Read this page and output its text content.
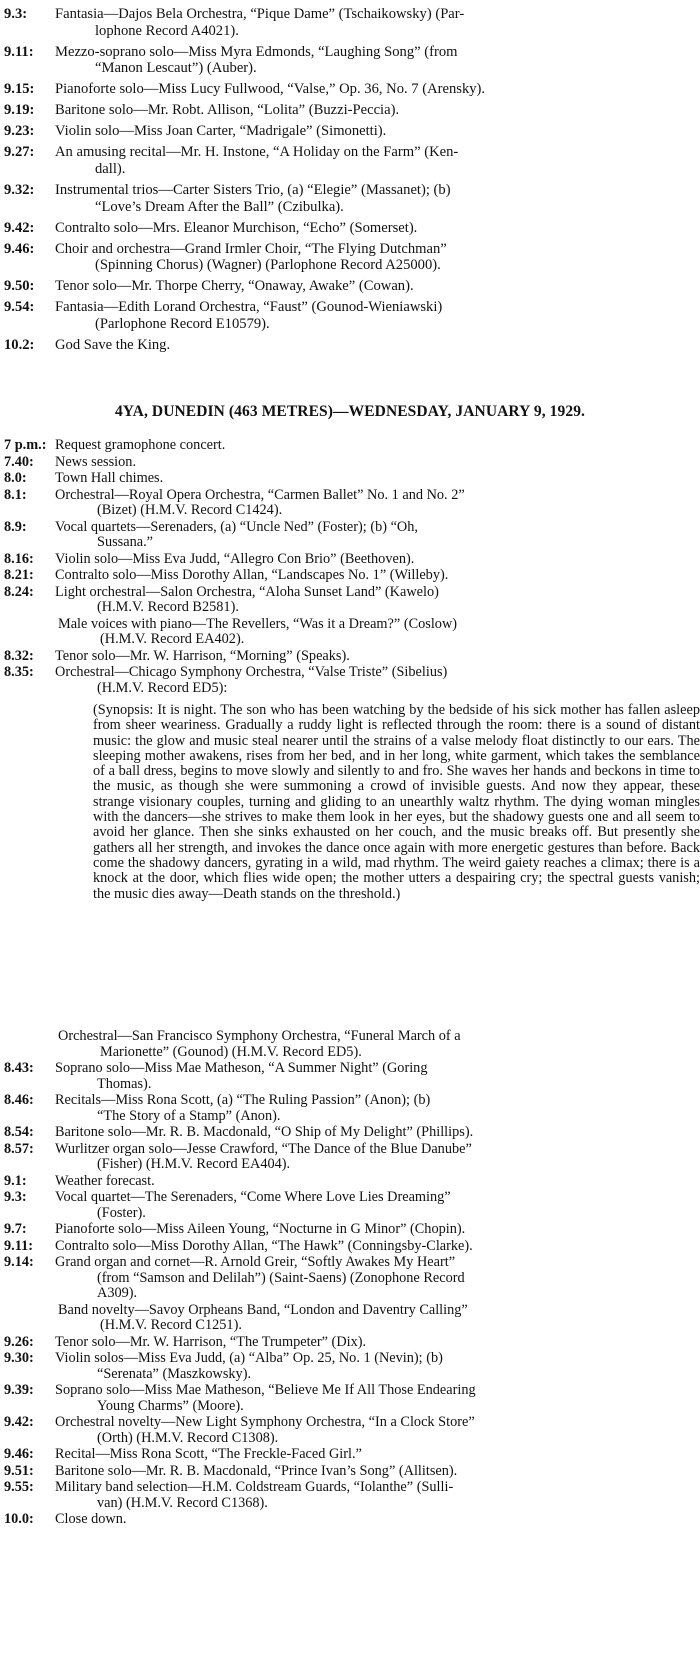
9.3: Fantasia—Dajos Bela Orchestra, “Pique Dame” (Tschaikowsky) (Par-
lophone Record A4021).
9.11: Mezzo-soprano solo—Miss Myra Edmonds, “Laughing Song” (from
“Manon Lescaut”) (Auber).
9.15: Pianoforte solo—Miss Lucy Fullwood, “Valse,” Op. 36, No. 7 (Arensky).
9.19: Baritone solo—Mr. Robt. Allison, “Lolita” (Buzzi-Peccia).
9.23: Violin solo—Miss Joan Carter, “Madrigale” (Simonetti).
9.27: An amusing recital—Mr. H. Instone, “A Holiday on the Farm” (Ken-
dall).
9.32: Instrumental trios—Carter Sisters Trio, (a) “Elegie” (Massanet); (b)
“Love’s Dream After the Ball” (Czibulka).
9.42: Contralto solo—Mrs. Eleanor Murchison, “Echo” (Somerset).
9.46: Choir and orchestra—Grand Irmler Choir, “The Flying Dutchman”
(Spinning Chorus) (Wagner) (Parlophone Record A25000).
9.50: Tenor solo—Mr. Thorpe Cherry, “Onaway, Awake” (Cowan).
9.54: Fantasia—Edith Lorand Orchestra, “Faust” (Gounod-Wieniawski)
(Parlophone Record E10579).
10.2: God Save the King.
4YA, DUNEDIN (463 METRES)—WEDNESDAY, JANUARY 9, 1929.
7 p.m.: Request gramophone concert.
7.40: News session.
8.0: Town Hall chimes.
8.1: Orchestral—Royal Opera Orchestra, “Carmen Ballet” No. 1 and No. 2”
(Bizet) (H.M.V. Record C1424).
8.9: Vocal quartets—Serenaders, (a) “Uncle Ned” (Foster); (b) “Oh,
Sussana.”
8.16: Violin solo—Miss Eva Judd, “Allegro Con Brio” (Beethoven).
8.21: Contralto solo—Miss Dorothy Allan, “Landscapes No. 1” (Willeby).
8.24: Light orchestral—Salon Orchestra, “Aloha Sunset Land” (Kawelo)
(H.M.V. Record B2581).
Male voices with piano—The Revellers, “Was it a Dream?” (Coslow)
(H.M.V. Record EA402).
8.32: Tenor solo—Mr. W. Harrison, “Morning” (Speaks).
8.35: Orchestral—Chicago Symphony Orchestra, “Valse Triste” (Sibelius)
(H.M.V. Record ED5):
(Synopsis: It is night. The son who has been watching by the bedside of his sick mother has fallen asleep from sheer weariness. Gradually a ruddy light is reflected through the room: there is a sound of distant music: the glow and music steal nearer until the strains of a valse melody float distinctly to our ears. The sleeping mother awakens, rises from her bed, and in her long, white garment, which takes the semblance of a ball dress, begins to move slowly and silently to and fro. She waves her hands and beckons in time to the music, as though she were summoning a crowd of invisible guests. And now they appear, these strange visionary couples, turning and gliding to an unearthly waltz rhythm. The dying woman mingles with the dancers—she strives to make them look in her eyes, but the shadowy guests one and all seem to avoid her glance. Then she sinks exhausted on her couch, and the music breaks off. But presently she gathers all her strength, and invokes the dance once again with more energetic gestures than before. Back come the shadowy dancers, gyrating in a wild, mad rhythm. The weird gaiety reaches a climax; there is a knock at the door, which flies wide open; the mother utters a despairing cry; the spectral guests vanish; the music dies away—Death stands on the threshold.)
Orchestral—San Francisco Symphony Orchestra, “Funeral March of a
Marionette” (Gounod) (H.M.V. Record ED5).
8.43: Soprano solo—Miss Mae Matheson, “A Summer Night” (Goring
Thomas).
8.46: Recitals—Miss Rona Scott, (a) “The Ruling Passion” (Anon); (b)
“The Story of a Stamp” (Anon).
8.54: Baritone solo—Mr. R. B. Macdonald, “O Ship of My Delight” (Phillips).
8.57: Wurlitzer organ solo—Jesse Crawford, “The Dance of the Blue Danube”
(Fisher) (H.M.V. Record EA404).
9.1: Weather forecast.
9.3: Vocal quartet—The Serenaders, “Come Where Love Lies Dreaming”
(Foster).
9.7: Pianoforte solo—Miss Aileen Young, “Nocturne in G Minor” (Chopin).
9.11: Contralto solo—Miss Dorothy Allan, “The Hawk” (Conningsby-Clarke).
9.14: Grand organ and cornet—R. Arnold Greir, “Softly Awakes My Heart”
(from “Samson and Delilah”) (Saint-Saens) (Zonophone Record
A309).
Band novelty—Savoy Orpheans Band, “London and Daventry Calling”
(H.M.V. Record C1251).
9.26: Tenor solo—Mr. W. Harrison, “The Trumpeter” (Dix).
9.30: Violin solos—Miss Eva Judd, (a) “Alba” Op. 25, No. 1 (Nevin); (b)
“Serenata” (Maszkowsky).
9.39: Soprano solo—Miss Mae Matheson, “Believe Me If All Those Endearing
Young Charms” (Moore).
9.42: Orchestral novelty—New Light Symphony Orchestra, “In a Clock Store”
(Orth) (H.M.V. Record C1308).
9.46: Recital—Miss Rona Scott, “The Freckle-Faced Girl.”
9.51: Baritone solo—Mr. R. B. Macdonald, “Prince Ivan’s Song” (Allitsen).
9.55: Military band selection—H.M. Coldstream Guards, “Iolanthe” (Sulli-
van) (H.M.V. Record C1368).
10.0: Close down.
